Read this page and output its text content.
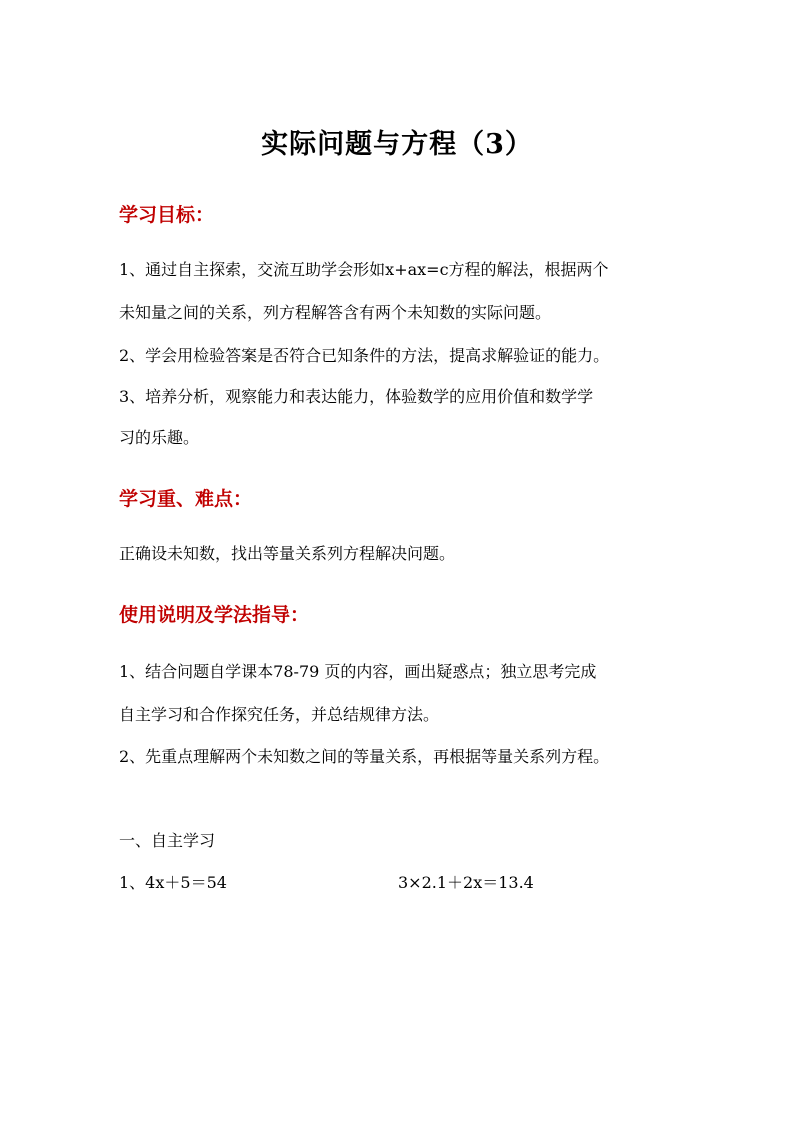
实际问题与方程（3）
学习目标：
1、通过自主探索，交流互助学会形如x+ax=c方程的解法，根据两个
未知量之间的关系，列方程解答含有两个未知数的实际问题。
2、学会用检验答案是否符合已知条件的方法，提高求解验证的能力。
3、培养分析，观察能力和表达能力，体验数学的应用价值和数学学
习的乐趣。
学习重、难点：
正确设未知数，找出等量关系列方程解决问题。
使用说明及学法指导：
1、结合问题自学课本78-79 页的内容，画出疑惑点；独立思考完成
自主学习和合作探究任务，并总结规律方法。
2、先重点理解两个未知数之间的等量关系，再根据等量关系列方程。
一、自主学习
1、4x＋5＝54	3×2.1＋2x＝13.4
